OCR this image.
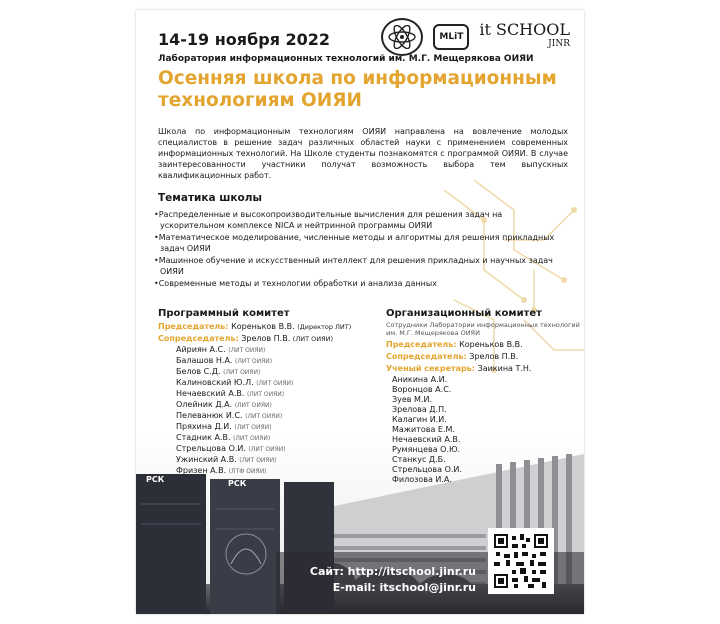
14-19 ноября 2022
Лаборатория информационных технологий им. М.Г. Мещерякова ОИЯИ
MLiT	it SCHOOL
JINR
Осенняя школа по информационным технологиям ОИЯИ
Школа по информационным технологиям ОИЯИ направлена на вовлечение молодых специалистов в решение задач различных областей науки с применением современных информационных технологий. На Школе студенты познакомятся с программой ОИЯИ. В случае заинтересованности участники получат возможность выбора тем выпускных квалификационных работ.
Тематика школы
•Распределенные и высокопроизводительные вычисления для решения задач на ускорительном комплексе NICA и нейтринной программы ОИЯИ
•Математическое моделирование, численные методы и алгоритмы для решения прикладных задач ОИЯИ
•Машинное обучение и искусственный интеллект для решения прикладных и научных задач ОИЯИ
•Современные методы и технологии обработки и анализа данных
РСК	РСК
Программный комитет
Председатель: Кореньков В.В. (Директор ЛИТ)
Сопредседатель: Зрелов П.В. (ЛИТ ОИЯИ)
Айриян А.С. (ЛИТ ОИЯИ)
Балашов Н.А. (ЛИТ ОИЯИ)
Белов С.Д. (ЛИТ ОИЯИ)
Калиновский Ю.Л. (ЛИТ ОИЯИ)
Нечаевский А.В. (ЛИТ ОИЯИ)
Олейник Д.А. (ЛИТ ОИЯИ)
Пелеванюк И.С. (ЛИТ ОИЯИ)
Пряхина Д.И. (ЛИТ ОИЯИ)
Стадник А.В. (ЛИТ ОИЯИ)
Стрельцова О.И. (ЛИТ ОИЯИ)
Ужинский А.В. (ЛИТ ОИЯИ)
Фризен А.В. (ЛТФ ОИЯИ)
Организационный комитет
Сотрудники Лаборатории информационных технологий им. М.Г. Мещерякова ОИЯИ
Председатель: Кореньков В.В.
Сопредседатель: Зрелов П.В.
Ученый секретарь: Заикина Т.Н.
Аникина А.И.
Воронцов А.С.
Зуев М.И.
Зрелова Д.П.
Калагин И.И.
Мажитова Е.М.
Нечаевский А.В.
Румянцева О.Ю.
Станкус Д.Б.
Стрельцова О.И.
Филозова И.А.
Сайт: http://itschool.jinr.ru
E-mail: itschool@jinr.ru
